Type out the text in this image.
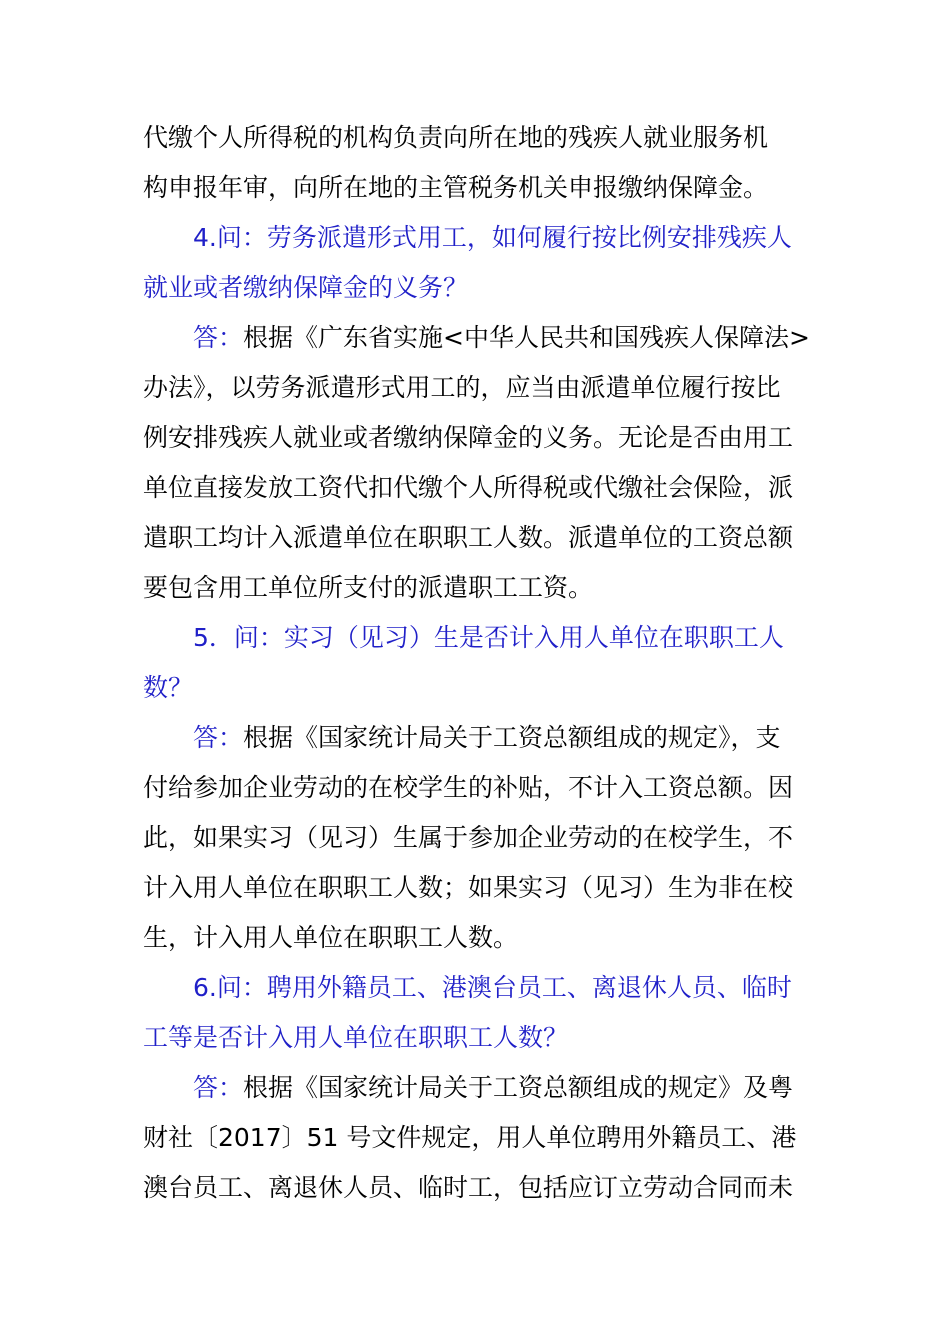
代缴个人所得税的机构负责向所在地的残疾人就业服务机
构申报年审，向所在地的主管税务机关申报缴纳保障金。
4.问：劳务派遣形式用工，如何履行按比例安排残疾人
就业或者缴纳保障金的义务？
答：根据《广东省实施<中华人民共和国残疾人保障法>
办法》，以劳务派遣形式用工的，应当由派遣单位履行按比
例安排残疾人就业或者缴纳保障金的义务。无论是否由用工
单位直接发放工资代扣代缴个人所得税或代缴社会保险，派
遣职工均计入派遣单位在职职工人数。派遣单位的工资总额
要包含用工单位所支付的派遣职工工资。
5．问：实习（见习）生是否计入用人单位在职职工人
数？
答：根据《国家统计局关于工资总额组成的规定》，支
付给参加企业劳动的在校学生的补贴，不计入工资总额。因
此，如果实习（见习）生属于参加企业劳动的在校学生，不
计入用人单位在职职工人数；如果实习（见习）生为非在校
生，计入用人单位在职职工人数。
6.问：聘用外籍员工、港澳台员工、离退休人员、临时
工等是否计入用人单位在职职工人数？
答：根据《国家统计局关于工资总额组成的规定》及粤
财社〔2017〕51 号文件规定，用人单位聘用外籍员工、港
澳台员工、离退休人员、临时工，包括应订立劳动合同而未
